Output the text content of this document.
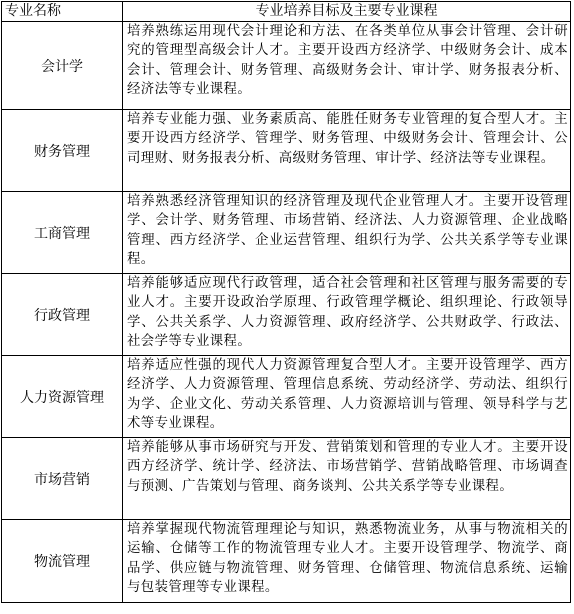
专业名称	专业培养目标及主要专业课程
会计学	培养熟练运用现代会计理论和方法、在各类单位从事会计管理、会计研究的管理型高级会计人才。主要开设西方经济学、中级财务会计、成本会计、管理会计、财务管理、高级财务会计、审计学、财务报表分析、经济法等专业课程。
财务管理	培养专业能力强、业务素质高、能胜任财务专业管理的复合型人才。主要开设西方经济学、管理学、财务管理、中级财务会计、管理会计、公司理财、财务报表分析、高级财务管理、审计学、经济法等专业课程。
工商管理	培养熟悉经济管理知识的经济管理及现代企业管理人才。主要开设管理学、会计学、财务管理、市场营销、经济法、人力资源管理、企业战略管理、西方经济学、企业运营管理、组织行为学、公共关系学等专业课程。
行政管理	培养能够适应现代行政管理，适合社会管理和社区管理与服务需要的专业人才。主要开设政治学原理、行政管理学概论、组织理论、行政领导学、公共关系学、人力资源管理、政府经济学、公共财政学、行政法、社会学等专业课程。
人力资源管理	培养适应性强的现代人力资源管理复合型人才。主要开设管理学、西方经济学、人力资源管理、管理信息系统、劳动经济学、劳动法、组织行为学、企业文化、劳动关系管理、人力资源培训与管理、领导科学与艺术等专业课程。
市场营销	培养能够从事市场研究与开发、营销策划和管理的专业人才。主要开设西方经济学、统计学、经济法、市场营销学、营销战略管理、市场调查与预测、广告策划与管理、商务谈判、公共关系学等专业课程。
物流管理	培养掌握现代物流管理理论与知识，熟悉物流业务，从事与物流相关的运输、仓储等工作的物流管理专业人才。主要开设管理学、物流学、商品学、供应链与物流管理、财务管理、仓储管理、物流信息系统、运输与包装管理等专业课程。
